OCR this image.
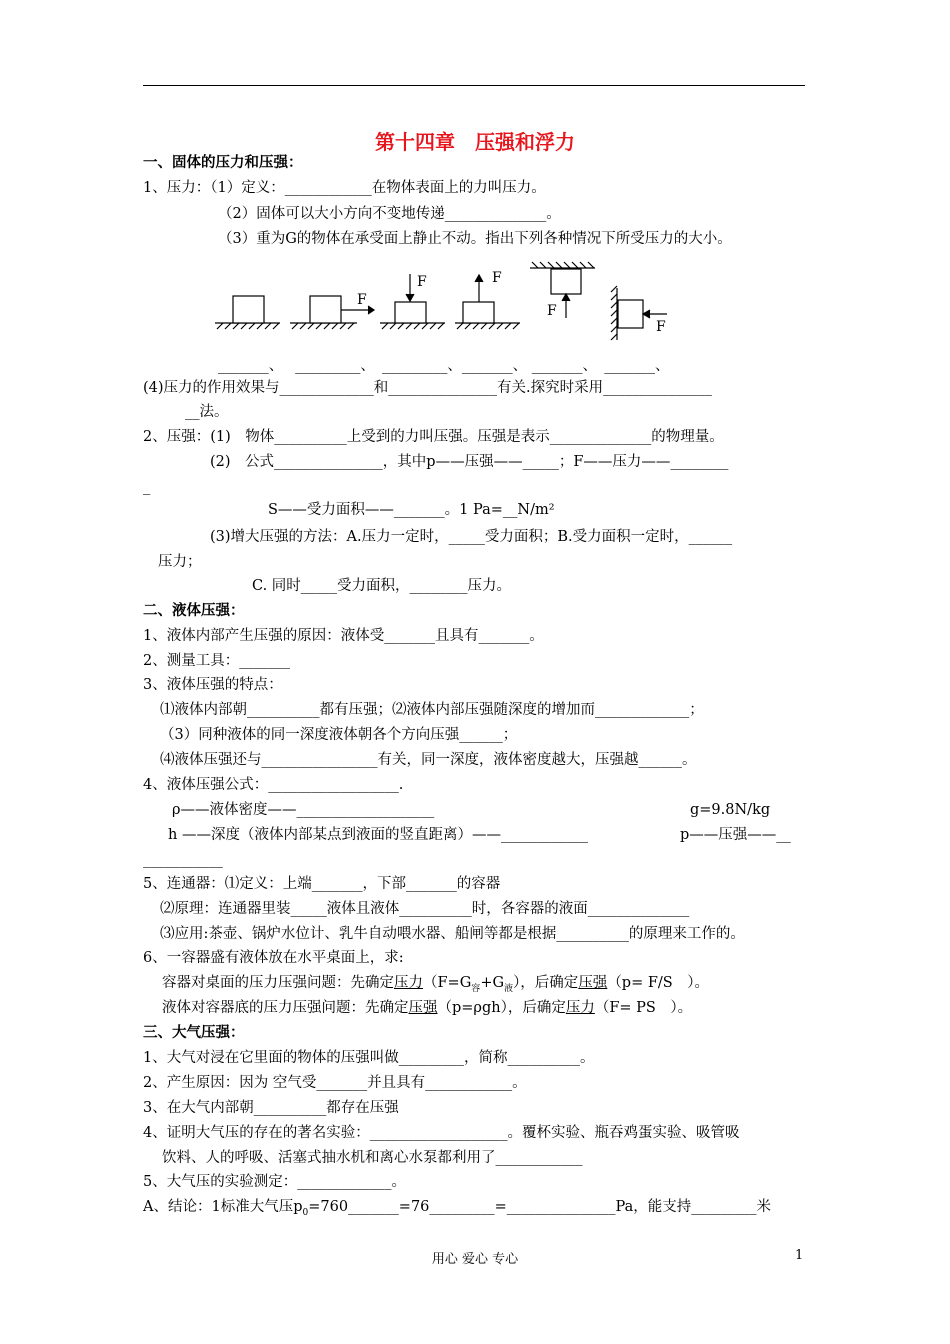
第十四章　压强和浮力
一、固体的压力和压强：
1、压力：（1）定义：____________在物体表面上的力叫压力。
（2）固体可以大小方向不变地传递______________。
（3）重为G的物体在承受面上静止不动。指出下列各种情况下所受压力的大小。
F
F	F
F
F
_______、　 _________、　_________、_______、 _______、　_______、
(4)压力的作用效果与_____________和_______________有关.探究时采用_______________
__法。
2、压强：(1)　物体__________上受到的力叫压强。压强是表示______________的物理量。
(2)　公式_______________，其中p——压强——_____；F——压力——________
_
S——受力面积——_______。1 Pa=__N/m²
(3)增大压强的方法：A.压力一定时，_____受力面积；B.受力面积一定时，______
压力；
C. 同时_____受力面积，________压力。
二、液体压强：
1、液体内部产生压强的原因：液体受_______且具有_______。
2、测量工具：_______
3、液体压强的特点：
⑴液体内部朝__________都有压强；⑵液体内部压强随深度的增加而_____________；
（3）同种液体的同一深度液体朝各个方向压强______；
⑷液体压强还与________________有关，同一深度，液体密度越大，压强越______。
4、液体压强公式：__________________.
ρ——液体密度——___________________	g=9.8N/kg
h ——深度（液体内部某点到液面的竖直距离）——____________	p——压强——__
___________
5、连通器：⑴定义：上端_______，下部_______的容器
⑵原理：连通器里装_____液体且液体__________时，各容器的液面______________
⑶应用:茶壶、锅炉水位计、乳牛自动喂水器、船闸等都是根据__________的原理来工作的。
6、一容器盛有液体放在水平桌面上，求:
容器对桌面的压力压强问题：先确定压力$(F=G_容+G_液)$，后确定压强（p= F/S　）。
液体对容器底的压力压强问题：先确定压强（p=ρgh），后确定压力（F= PS　）。
三、大气压强：
1、大气对浸在它里面的物体的压强叫做_________，简称__________。
2、产生原因：因为 空气受_______并且具有____________。
3、在大气内部朝__________都存在压强
4、证明大气压的存在的著名实验：___________________。覆杯实验、瓶吞鸡蛋实验、吸管吸
饮料、人的呼吸、活塞式抽水机和离心水泵都利用了____________
5、大气压的实验测定：_____________。
A、结论：1标准大气压$p_0=760\_\_\_\_\_\_\_=76\_\_\_\_\_\_\_\_\_=\_\_\_\_\_\_\_\_\_\_\_\_\_\_\_Pa$，能支持_________米
用心 爱心 专心	1
